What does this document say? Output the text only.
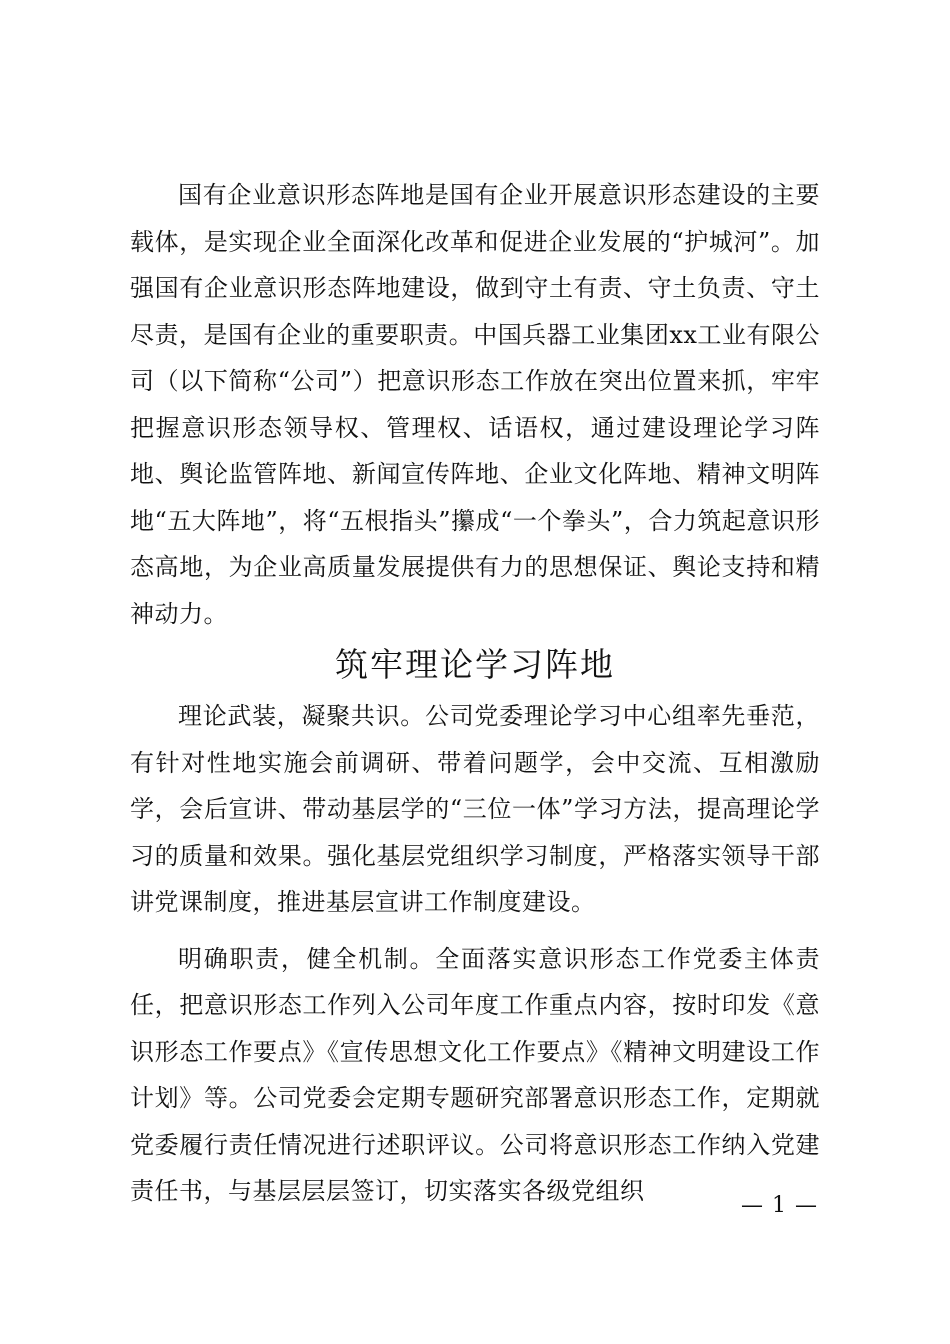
国有企业意识形态阵地是国有企业开展意识形态建设的主要载体，是实现企业全面深化改革和促进企业发展的“护城河”。加强国有企业意识形态阵地建设，做到守土有责、守土负责、守土尽责，是国有企业的重要职责。中国兵器工业集团xx工业有限公司（以下简称“公司”）把意识形态工作放在突出位置来抓，牢牢把握意识形态领导权、管理权、话语权，通过建设理论学习阵地、舆论监管阵地、新闻宣传阵地、企业文化阵地、精神文明阵地“五大阵地”，将“五根指头”攥成“一个拳头”，合力筑起意识形态高地，为企业高质量发展提供有力的思想保证、舆论支持和精神动力。

筑牢理论学习阵地

理论武装，凝聚共识。公司党委理论学习中心组率先垂范，有针对性地实施会前调研、带着问题学，会中交流、互相激励学，会后宣讲、带动基层学的“三位一体”学习方法，提高理论学习的质量和效果。强化基层党组织学习制度，严格落实领导干部讲党课制度，推进基层宣讲工作制度建设。

明确职责，健全机制。全面落实意识形态工作党委主体责任，把意识形态工作列入公司年度工作重点内容，按时印发《意识形态工作要点》《宣传思想文化工作要点》《精神文明建设工作计划》等。公司党委会定期专题研究部署意识形态工作，定期就党委履行责任情况进行述职评议。公司将意识形态工作纳入党建责任书，与基层层层签订，切实落实各级党组织

— 1 —
